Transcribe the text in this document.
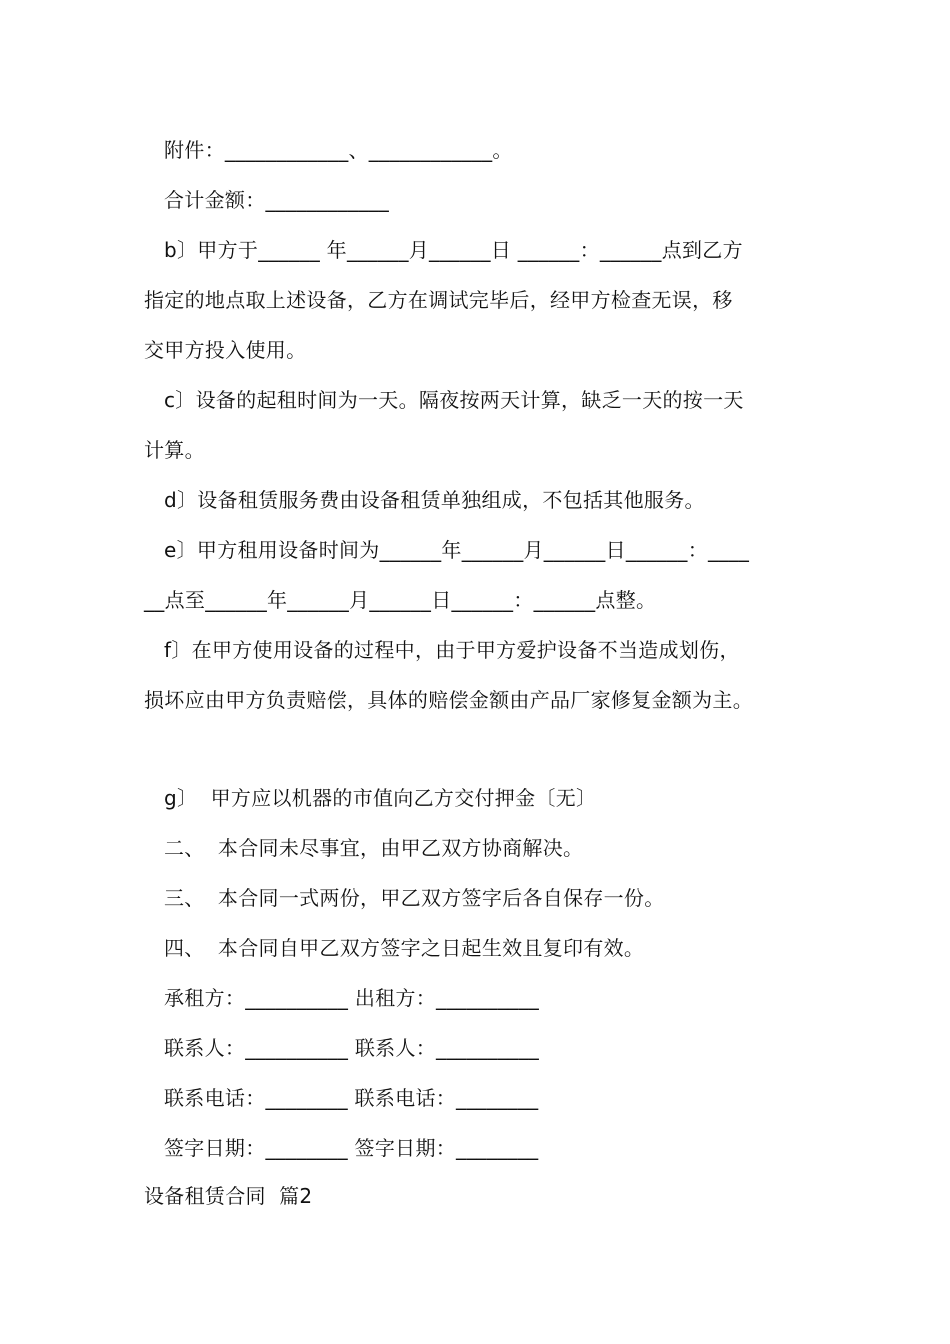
附件：____________、____________。
合计金额：____________
b〕甲方于______ 年______月______日 ______：______点到乙方
指定的地点取上述设备，乙方在调试完毕后，经甲方检查无误，移
交甲方投入使用。
c〕设备的起租时间为一天。隔夜按两天计算，缺乏一天的按一天
计算。
d〕设备租赁服务费由设备租赁单独组成，不包括其他服务。
e〕甲方租用设备时间为______年______月______日______：____
__点至______年______月______日______：______点整。
f〕在甲方使用设备的过程中，由于甲方爱护设备不当造成划伤，
损坏应由甲方负责赔偿，具体的赔偿金额由产品厂家修复金额为主。
g〕  甲方应以机器的市值向乙方交付押金〔无〕
二、  本合同未尽事宜，由甲乙双方协商解决。
三、  本合同一式两份，甲乙双方签字后各自保存一份。
四、  本合同自甲乙双方签字之日起生效且复印有效。
承租方：__________ 出租方：__________
联系人：__________ 联系人：__________
联系电话：________ 联系电话：________
签字日期：________ 签字日期：________
设备租赁合同  篇2
